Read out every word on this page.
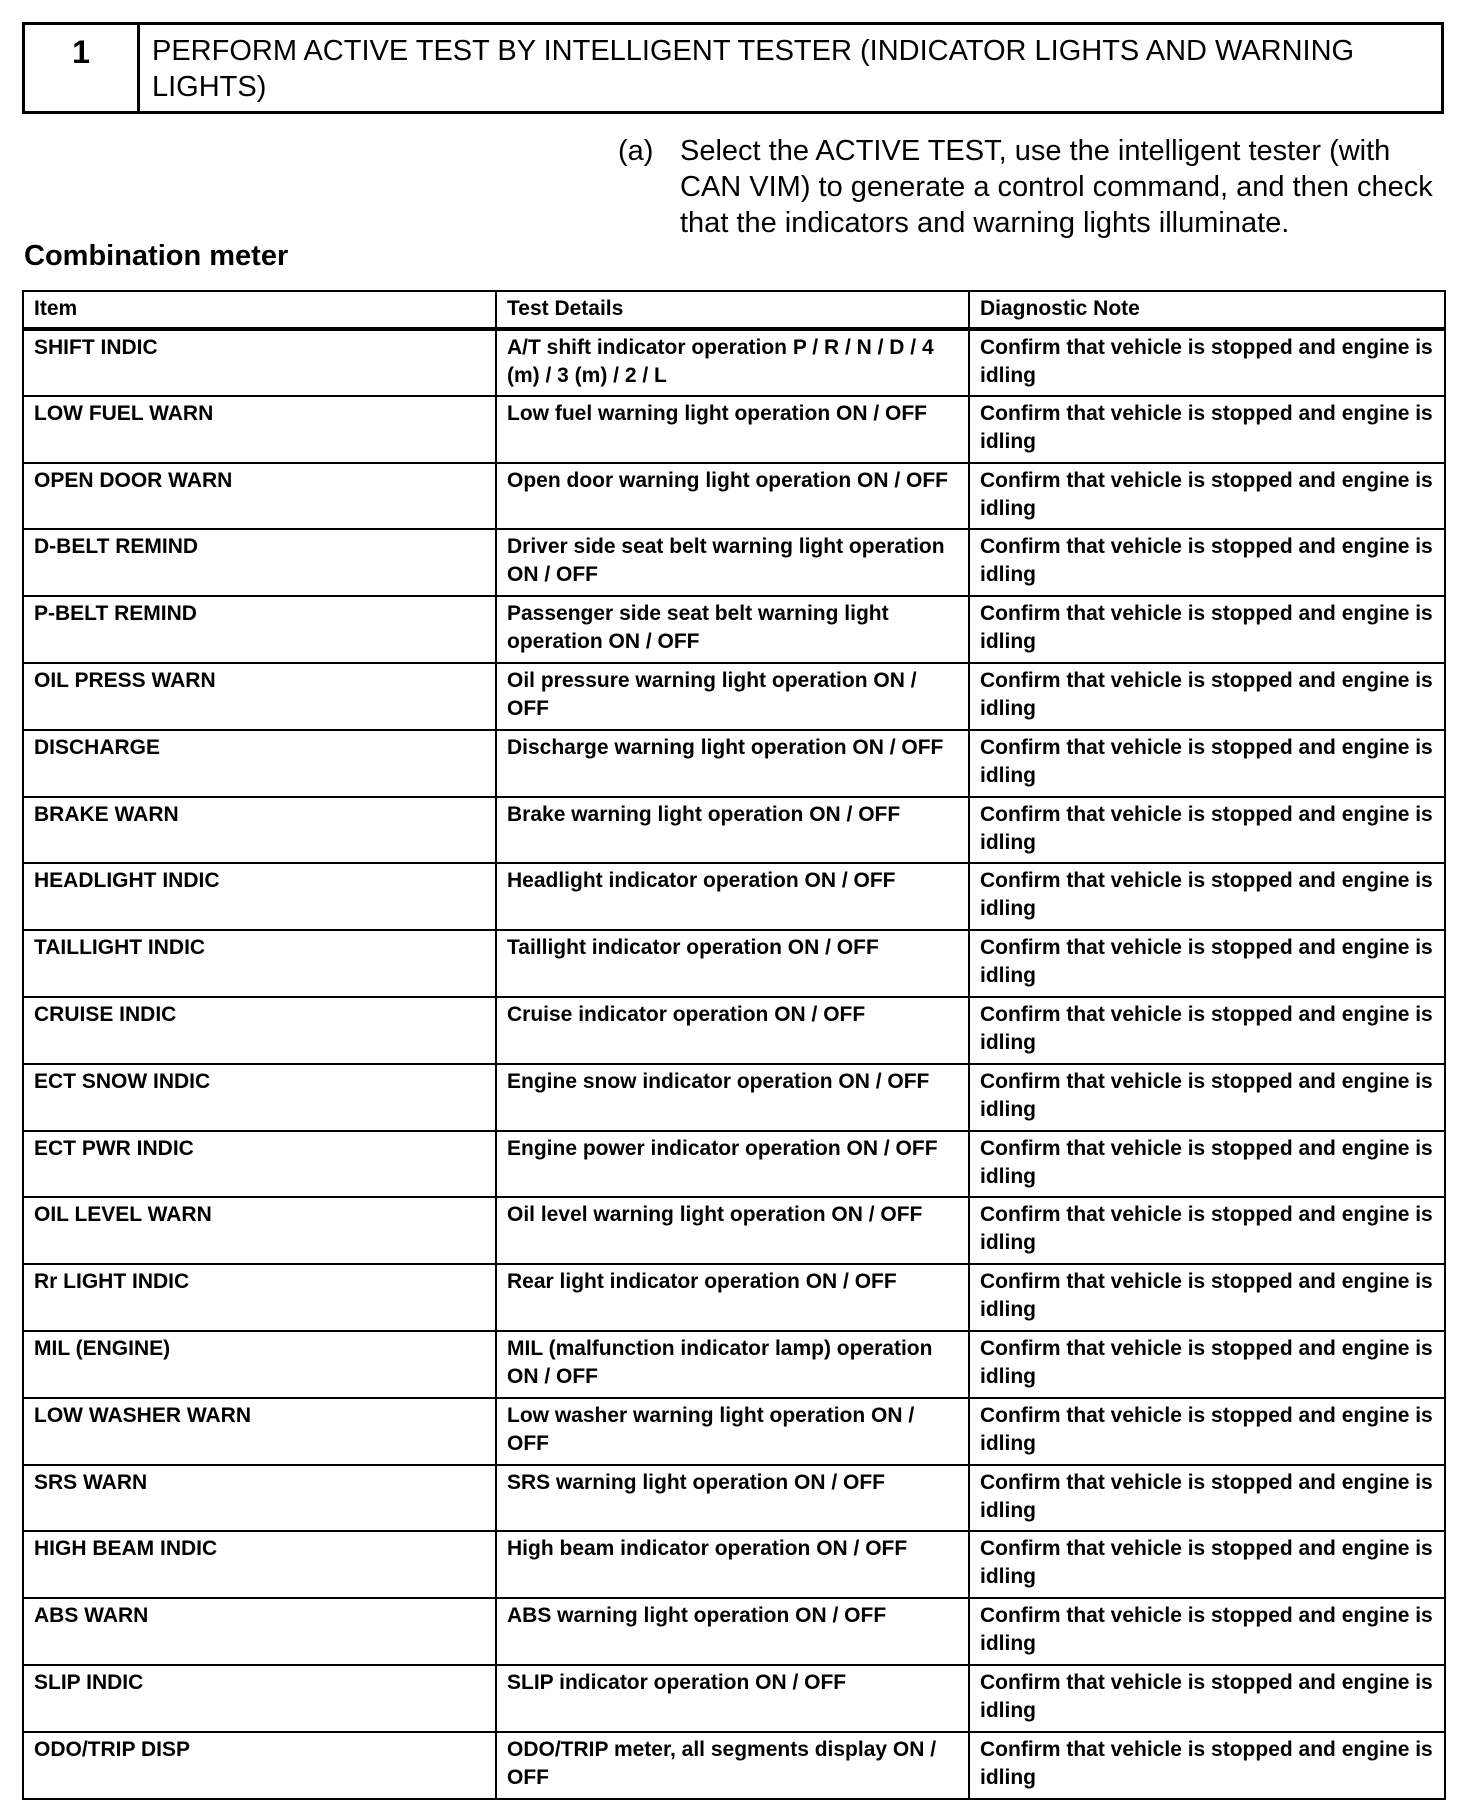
1	PERFORM ACTIVE TEST BY INTELLIGENT TESTER (INDICATOR LIGHTS AND WARNING LIGHTS)
(a) Select the ACTIVE TEST, use the intelligent tester (with CAN VIM) to generate a control command, and then check that the indicators and warning lights illuminate.
Combination meter
Item	Test Details	Diagnostic Note
SHIFT INDIC	A/T shift indicator operation P / R / N / D / 4 (m) / 3 (m) / 2 / L	Confirm that vehicle is stopped and engine is idling
LOW FUEL WARN	Low fuel warning light operation ON / OFF	Confirm that vehicle is stopped and engine is idling
OPEN DOOR WARN	Open door warning light operation ON / OFF	Confirm that vehicle is stopped and engine is idling
D-BELT REMIND	Driver side seat belt warning light operation ON / OFF	Confirm that vehicle is stopped and engine is idling
P-BELT REMIND	Passenger side seat belt warning light operation ON / OFF	Confirm that vehicle is stopped and engine is idling
OIL PRESS WARN	Oil pressure warning light operation ON / OFF	Confirm that vehicle is stopped and engine is idling
DISCHARGE	Discharge warning light operation ON / OFF	Confirm that vehicle is stopped and engine is idling
BRAKE WARN	Brake warning light operation ON / OFF	Confirm that vehicle is stopped and engine is idling
HEADLIGHT INDIC	Headlight indicator operation ON / OFF	Confirm that vehicle is stopped and engine is idling
TAILLIGHT INDIC	Taillight indicator operation ON / OFF	Confirm that vehicle is stopped and engine is idling
CRUISE INDIC	Cruise indicator operation ON / OFF	Confirm that vehicle is stopped and engine is idling
ECT SNOW INDIC	Engine snow indicator operation ON / OFF	Confirm that vehicle is stopped and engine is idling
ECT PWR INDIC	Engine power indicator operation ON / OFF	Confirm that vehicle is stopped and engine is idling
OIL LEVEL WARN	Oil level warning light operation ON / OFF	Confirm that vehicle is stopped and engine is idling
Rr LIGHT INDIC	Rear light indicator operation ON / OFF	Confirm that vehicle is stopped and engine is idling
MIL (ENGINE)	MIL (malfunction indicator lamp) operation ON / OFF	Confirm that vehicle is stopped and engine is idling
LOW WASHER WARN	Low washer warning light operation ON / OFF	Confirm that vehicle is stopped and engine is idling
SRS WARN	SRS warning light operation ON / OFF	Confirm that vehicle is stopped and engine is idling
HIGH BEAM INDIC	High beam indicator operation ON / OFF	Confirm that vehicle is stopped and engine is idling
ABS WARN	ABS warning light operation ON / OFF	Confirm that vehicle is stopped and engine is idling
SLIP INDIC	SLIP indicator operation ON / OFF	Confirm that vehicle is stopped and engine is idling
ODO/TRIP DISP	ODO/TRIP meter, all segments display ON / OFF	Confirm that vehicle is stopped and engine is idling
